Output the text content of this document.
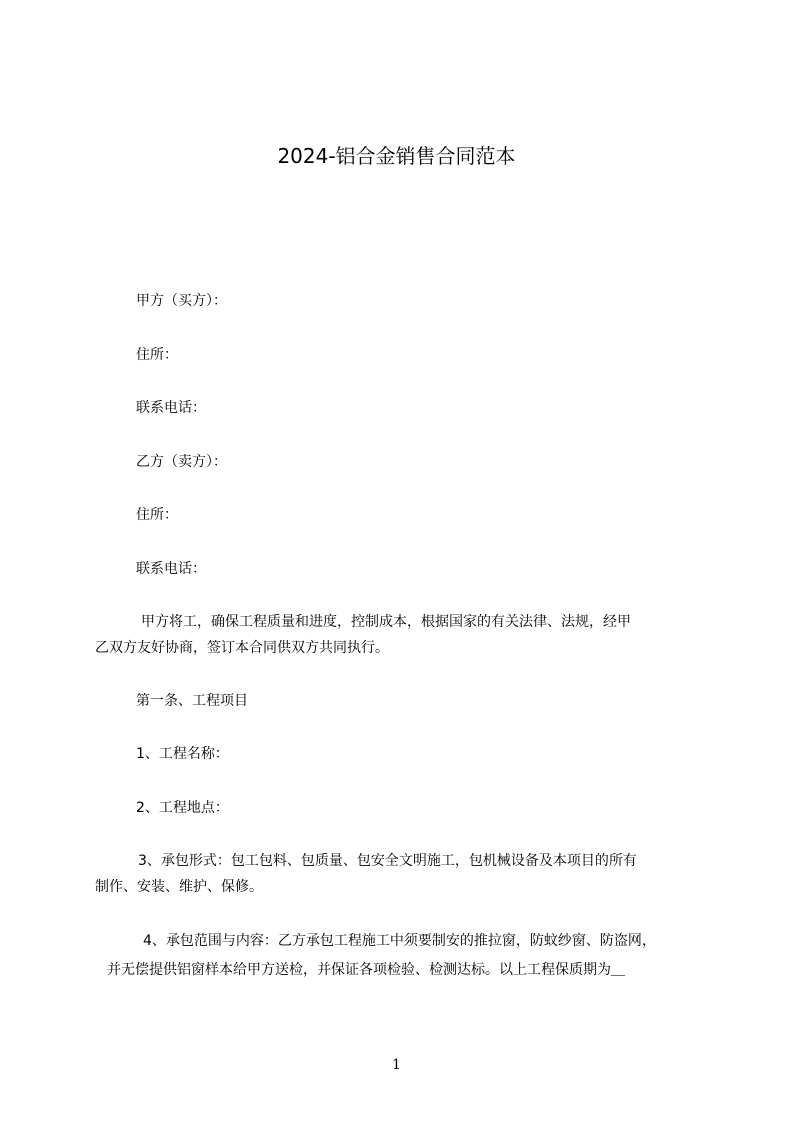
2024-铝合金销售合同范本
甲方（买方）：
住所：
联系电话：
乙方（卖方）：
住所：
联系电话：
甲方将工，确保工程质量和进度，控制成本，根据国家的有关法律、法规，经甲
乙双方友好协商，签订本合同供双方共同执行。
第一条、工程项目
1、工程名称：
2、工程地点：
3、承包形式：包工包料、包质量、包安全文明施工，包机械设备及本项目的所有
制作、安装、维护、保修。
4、承包范围与内容：乙方承包工程施工中须要制安的推拉窗，防蚊纱窗、防盗网，
并无偿提供铝窗样本给甲方送检，并保证各项检验、检测达标。以上工程保质期为＿
1
